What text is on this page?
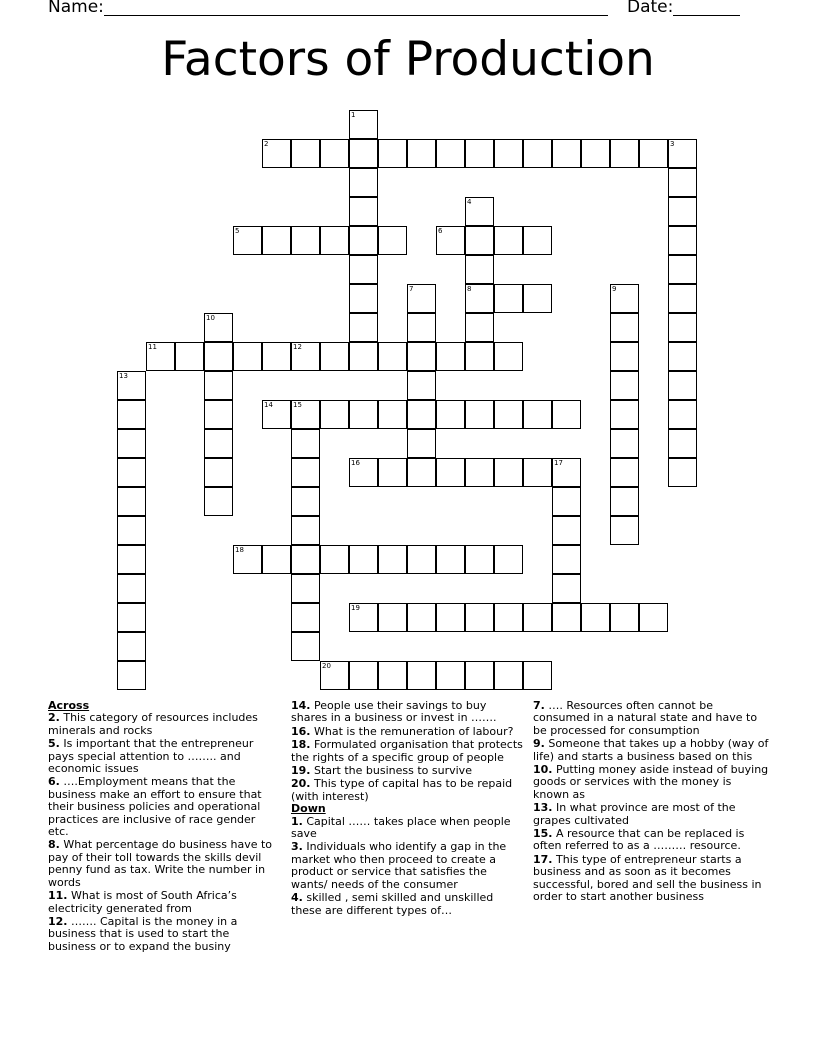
Name:	Date:
Factors of Production
1
2	3
4
5	6
7	8	9
10
11	12
13
14	15
16	17
18
19
20

Across

2. This category of resources includes minerals and rocks

5. Is important that the entrepreneur pays special attention to …….. and economic issues

6. ….Employment means that the business make an effort to ensure that their business policies and operational practices are inclusive of race gender etc.

8. What percentage do business have to pay of their toll towards the skills devil penny fund as tax. Write the number in words

11. What is most of South Africa’s electricity generated from

12. ……. Capital is the money in a business that is used to start the business or to expand the businy

14. People use their savings to buy shares in a business or invest in …….

16. What is the remuneration of labour?

18. Formulated organisation that protects the rights of a specific group of people

19. Start the business to survive

20. This type of capital has to be repaid (with interest)

Down

1. Capital …… takes place when people save

3. Individuals who identify a gap in the market who then proceed to create a product or service that satisfies the wants/ needs of the consumer

4. skilled , semi skilled and unskilled these are different types of…

7. …. Resources often cannot be consumed in a natural state and have to be processed for consumption

9. Someone that takes up a hobby (way of life) and starts a business based on this

10. Putting money aside instead of buying goods or services with the money is known as

13. In what province are most of the grapes cultivated

15. A resource that can be replaced is often referred to as a ……… resource.

17. This type of entrepreneur starts a business and as soon as it becomes successful, bored and sell the business in order to start another business
